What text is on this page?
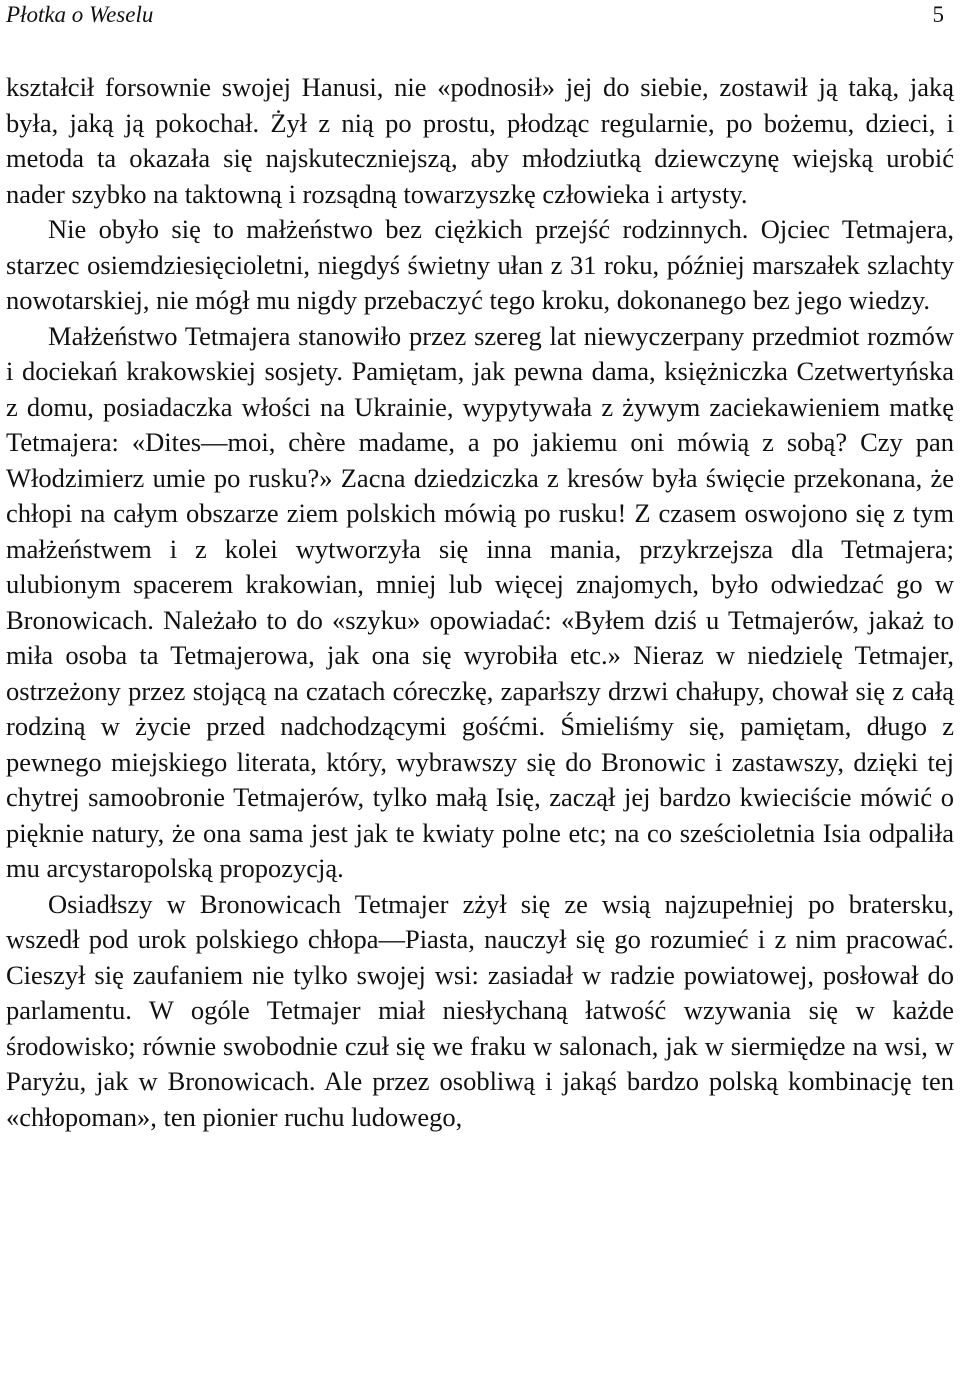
Płotka o Weselu	5

kształcił forsownie swojej Hanusi, nie «podnosił» jej do siebie, zostawił ją taką, jaką była, jaką ją pokochał. Żył z nią po prostu, płodząc regularnie, po bożemu, dzieci, i metoda ta okazała się najskuteczniejszą, aby młodziutką dziewczynę wiejską urobić nader szybko na taktowną i rozsądną towarzyszkę człowieka i artysty.

Nie obyło się to małżeństwo bez ciężkich przejść rodzinnych. Ojciec Tetmajera, starzec osiemdziesięcioletni, niegdyś świetny ułan z 31 roku, później marszałek szlachty nowotarskiej, nie mógł mu nigdy przebaczyć tego kroku, dokonanego bez jego wiedzy.

Małżeństwo Tetmajera stanowiło przez szereg lat niewyczerpany przedmiot rozmów i dociekań krakowskiej sosjety. Pamiętam, jak pewna dama, księżniczka Czetwertyńska z domu, posiadaczka włości na Ukrainie, wypytywała z żywym zaciekawieniem matkę Tetmajera: «Dites—moi, chère madame, a po jakiemu oni mówią z sobą? Czy pan Włodzimierz umie po rusku?» Zacna dziedziczka z kresów była święcie przekonana, że chłopi na całym obszarze ziem polskich mówią po rusku! Z czasem oswojono się z tym małżeństwem i z kolei wytworzyła się inna mania, przykrzejsza dla Tetmajera; ulubionym spacerem krakowian, mniej lub więcej znajomych, było odwiedzać go w Bronowicach. Należało to do «szyku» opowiadać: «Byłem dziś u Tetmajerów, jakaż to miła osoba ta Tetmajerowa, jak ona się wyrobiła etc.» Nieraz w niedzielę Tetmajer, ostrzeżony przez stojącą na czatach córeczkę, zaparłszy drzwi chałupy, chował się z całą rodziną w życie przed nadchodzącymi gośćmi. Śmieliśmy się, pamiętam, długo z pewnego miejskiego literata, który, wybrawszy się do Bronowic i zastawszy, dzięki tej chytrej samoobronie Tetmajerów, tylko małą Isię, zaczął jej bardzo kwieciście mówić o pięknie natury, że ona sama jest jak te kwiaty polne etc; na co sześcioletnia Isia odpaliła mu arcystaropolską propozycją.

Osiadłszy w Bronowicach Tetmajer zżył się ze wsią najzupełniej po bratersku, wszedł pod urok polskiego chłopa—Piasta, nauczył się go rozumieć i z nim pracować. Cieszył się zaufaniem nie tylko swojej wsi: zasiadał w radzie powiatowej, posłował do parlamentu. W ogóle Tetmajer miał niesłychaną łatwość wzywania się w każde środowisko; równie swobodnie czuł się we fraku w salonach, jak w siermiędze na wsi, w Paryżu, jak w Bronowicach. Ale przez osobliwą i jakąś bardzo polską kombinację ten «chłopoman», ten pionier ruchu ludowego,
